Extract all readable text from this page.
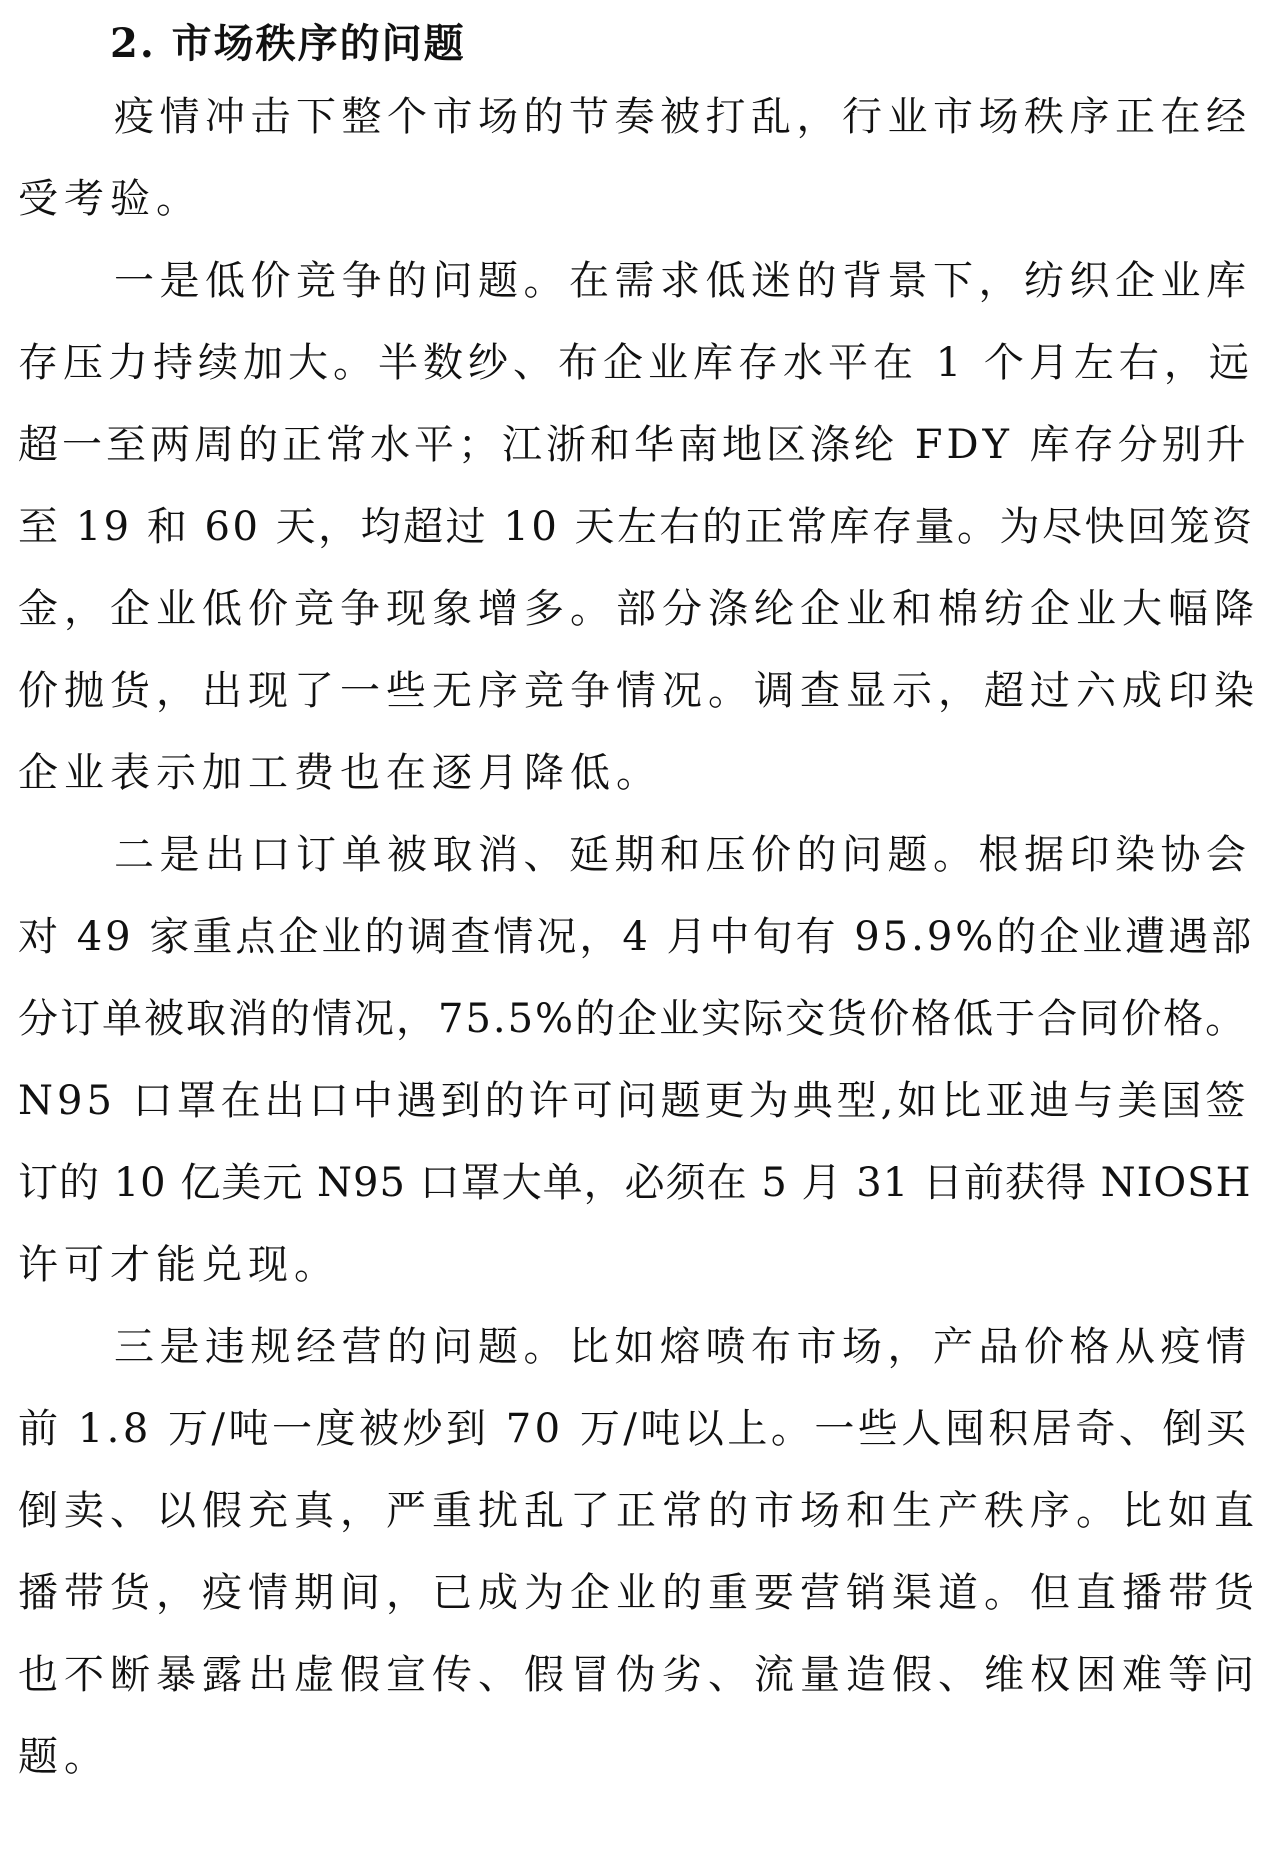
2. 市场秩序的问题

疫情冲击下整个市场的节奏被打乱，行业市场秩序正在经
受考验。

一是低价竞争的问题。在需求低迷的背景下，纺织企业库
存压力持续加大。半数纱、布企业库存水平在 1 个月左右，远
超一至两周的正常水平；江浙和华南地区涤纶 FDY 库存分别升
至 19 和 60 天，均超过 10 天左右的正常库存量。为尽快回笼资
金，企业低价竞争现象增多。部分涤纶企业和棉纺企业大幅降
价抛货，出现了一些无序竞争情况。调查显示，超过六成印染
企业表示加工费也在逐月降低。

二是出口订单被取消、延期和压价的问题。根据印染协会
对 49 家重点企业的调查情况，4 月中旬有 95.9%的企业遭遇部
分订单被取消的情况，75.5%的企业实际交货价格低于合同价格。
N95 口罩在出口中遇到的许可问题更为典型,如比亚迪与美国签
订的 10 亿美元 N95 口罩大单，必须在 5 月 31 日前获得 NIOSH
许可才能兑现。

三是违规经营的问题。比如熔喷布市场，产品价格从疫情
前 1.8 万/吨一度被炒到 70 万/吨以上。一些人囤积居奇、倒买
倒卖、以假充真，严重扰乱了正常的市场和生产秩序。比如直
播带货，疫情期间，已成为企业的重要营销渠道。但直播带货
也不断暴露出虚假宣传、假冒伪劣、流量造假、维权困难等问
题。
